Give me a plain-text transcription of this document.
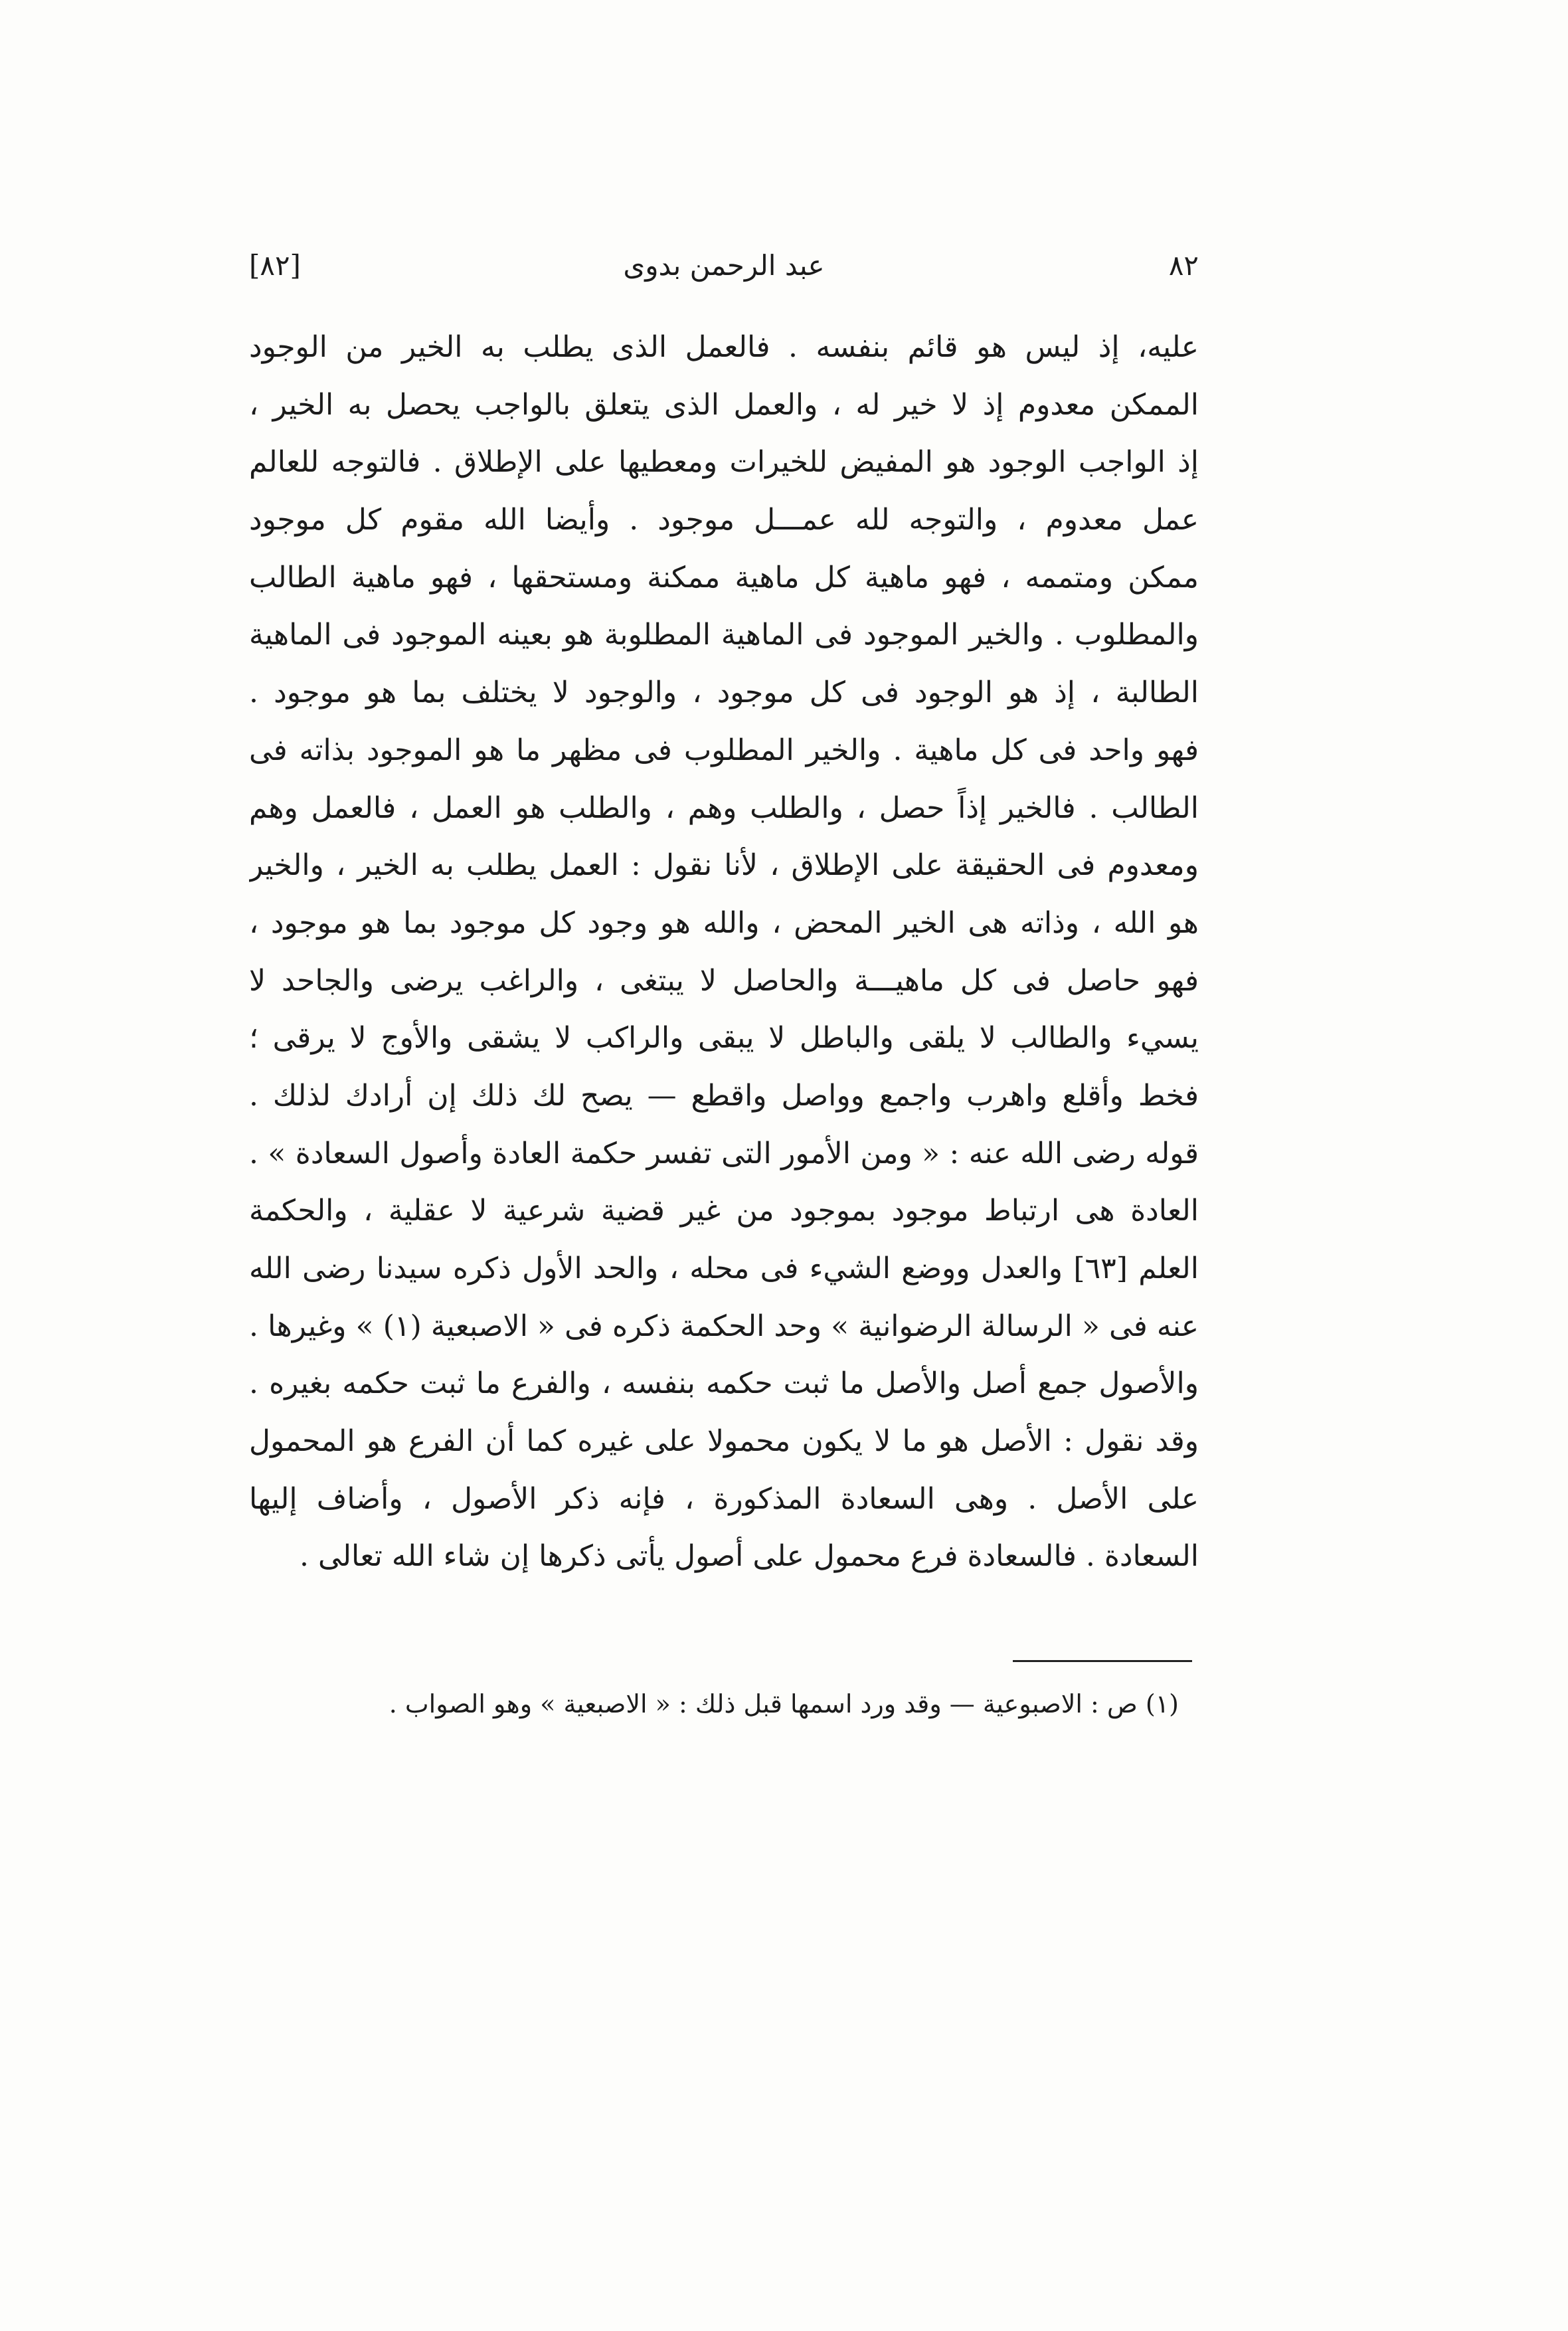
[٨٢]	عبد الرحمن بدوى	٨٢
عليه، إذ ليس هو قائم بنفسه . فالعمل الذى يطلب به الخير من الوجود
الممكن معدوم إذ لا خير له ، والعمل الذى يتعلق بالواجب يحصل به الخير ،
إذ الواجب الوجود هو المفيض للخيرات ومعطيها على الإطلاق . فالتوجه للعالم
عمل معدوم ، والتوجه لله عمـــل موجود . وأيضا الله مقوم كل موجود
ممكن ومتممه ، فهو ماهية كل ماهية ممكنة ومستحقها ، فهو ماهية الطالب
والمطلوب . والخير الموجود فى الماهية المطلوبة هو بعينه الموجود فى الماهية
الطالبة ، إذ هو الوجود فى كل موجود ، والوجود لا يختلف بما هو موجود .
فهو واحد فى كل ماهية . والخير المطلوب فى مظهر ما هو الموجود بذاته فى
الطالب . فالخير إذاً حصل ، والطلب وهم ، والطلب هو العمل ، فالعمل وهم
ومعدوم فى الحقيقة على الإطلاق ، لأنا نقول : العمل يطلب به الخير ، والخير
هو الله ، وذاته هى الخير المحض ، والله هو وجود كل موجود بما هو موجود ،
فهو حاصل فى كل ماهيـــة والحاصل لا يبتغى ، والراغب يرضى والجاحد لا
يسيء والطالب لا يلقى والباطل لا يبقى والراكب لا يشقى والأوج لا يرقى ؛
فخط وأقلع واهرب واجمع وواصل واقطع — يصح لك ذلك إن أرادك لذلك .
قوله رضى الله عنه : « ومن الأمور التى تفسر حكمة العادة وأصول السعادة » .
العادة هى ارتباط موجود بموجود من غير قضية شرعية لا عقلية ، والحكمة
العلم [٦٣] والعدل ووضع الشيء فى محله ، والحد الأول ذكره سيدنا رضى الله
عنه فى « الرسالة الرضوانية » وحد الحكمة ذكره فى « الاصبعية (١) » وغيرها .
والأصول جمع أصل والأصل ما ثبت حكمه بنفسه ، والفرع ما ثبت حكمه بغيره .
وقد نقول : الأصل هو ما لا يكون محمولا على غيره كما أن الفرع هو المحمول
على الأصل . وهى السعادة المذكورة ، فإنه ذكر الأصول ، وأضاف إليها
السعادة . فالسعادة فرع محمول على أصول يأتى ذكرها إن شاء الله تعالى .
(١) ص : الاصبوعية — وقد ورد اسمها قبل ذلك : « الاصبعية » وهو الصواب .
